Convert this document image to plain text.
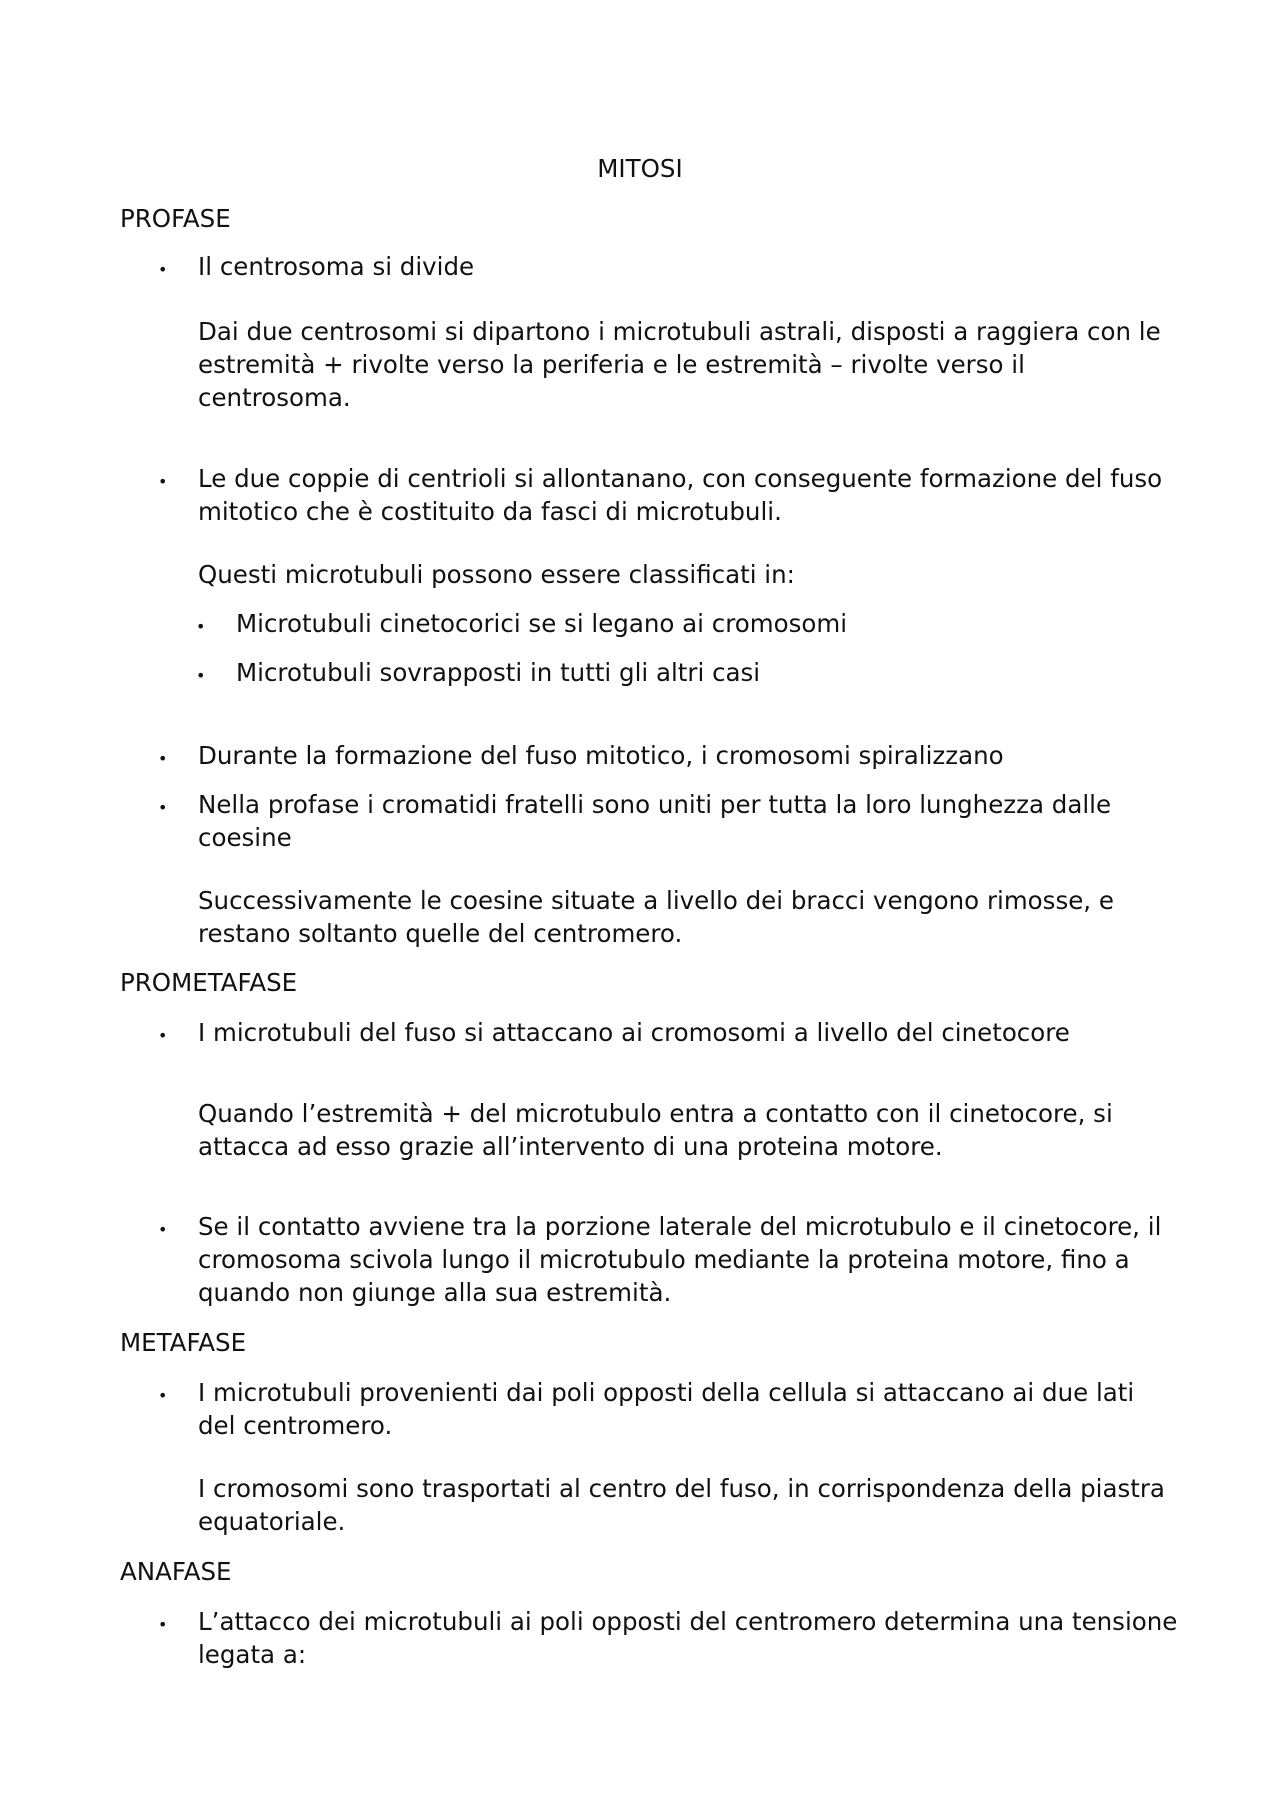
MITOSI
PROFASE
• Il centrosoma si divide
Dai due centrosomi si dipartono i microtubuli astrali, disposti a raggiera con le estremità + rivolte verso la periferia e le estremità – rivolte verso il centrosoma.
• Le due coppie di centrioli si allontanano, con conseguente formazione del fuso mitotico che è costituito da fasci di microtubuli.
Questi microtubuli possono essere classificati in:
• Microtubuli cinetocorici se si legano ai cromosomi
• Microtubuli sovrapposti in tutti gli altri casi
• Durante la formazione del fuso mitotico, i cromosomi spiralizzano
• Nella profase i cromatidi fratelli sono uniti per tutta la loro lunghezza dalle coesine
Successivamente le coesine situate a livello dei bracci vengono rimosse, e restano soltanto quelle del centromero.
PROMETAFASE
• I microtubuli del fuso si attaccano ai cromosomi a livello del cinetocore
Quando l’estremità + del microtubulo entra a contatto con il cinetocore, si attacca ad esso grazie all’intervento di una proteina motore.
• Se il contatto avviene tra la porzione laterale del microtubulo e il cinetocore, il cromosoma scivola lungo il microtubulo mediante la proteina motore, fino a quando non giunge alla sua estremità.
METAFASE
• I microtubuli provenienti dai poli opposti della cellula si attaccano ai due lati del centromero.
I cromosomi sono trasportati al centro del fuso, in corrispondenza della piastra equatoriale.
ANAFASE
• L’attacco dei microtubuli ai poli opposti del centromero determina una tensione legata a:
